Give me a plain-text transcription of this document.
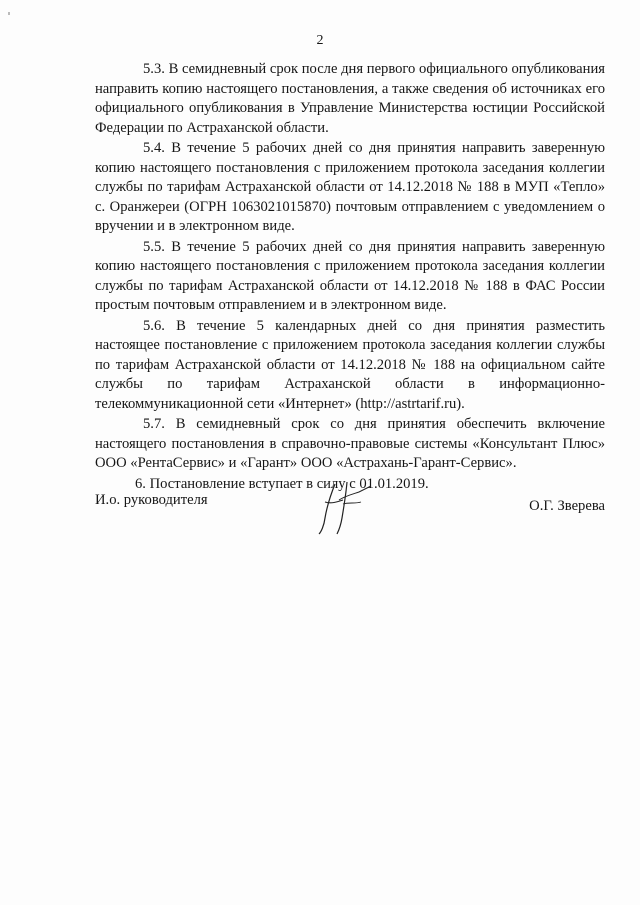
2

5.3. В семидневный срок после дня первого официального опубликования направить копию настоящего постановления, а также сведения об источниках его официального опубликования в Управление Министерства юстиции Российской Федерации по Астраханской области.

5.4. В течение 5 рабочих дней со дня принятия направить заверенную копию настоящего постановления с приложением протокола заседания коллегии службы по тарифам Астраханской области от 14.12.2018 № 188 в МУП «Тепло» с. Оранжереи (ОГРН 1063021015870) почтовым отправлением с уведомлением о вручении и в электронном виде.

5.5. В течение 5 рабочих дней со дня принятия направить заверенную копию настоящего постановления с приложением протокола заседания коллегии службы по тарифам Астраханской области от 14.12.2018 № 188 в ФАС России простым почтовым отправлением и в электронном виде.

5.6. В течение 5 календарных дней со дня принятия разместить настоящее постановление с приложением протокола заседания коллегии службы по тарифам Астраханской области от 14.12.2018 № 188 на официальном сайте службы по тарифам Астраханской области в информационно-телекоммуникационной сети «Интернет» (http://astrtarif.ru).

5.7. В семидневный срок со дня принятия обеспечить включение настоящего постановления в справочно-правовые системы «Консультант Плюс» ООО «РентаСервис» и «Гарант» ООО «Астрахань-Гарант-Сервис».

6. Постановление вступает в силу с 01.01.2019.

И.о. руководителя	О.Г. Зверева
